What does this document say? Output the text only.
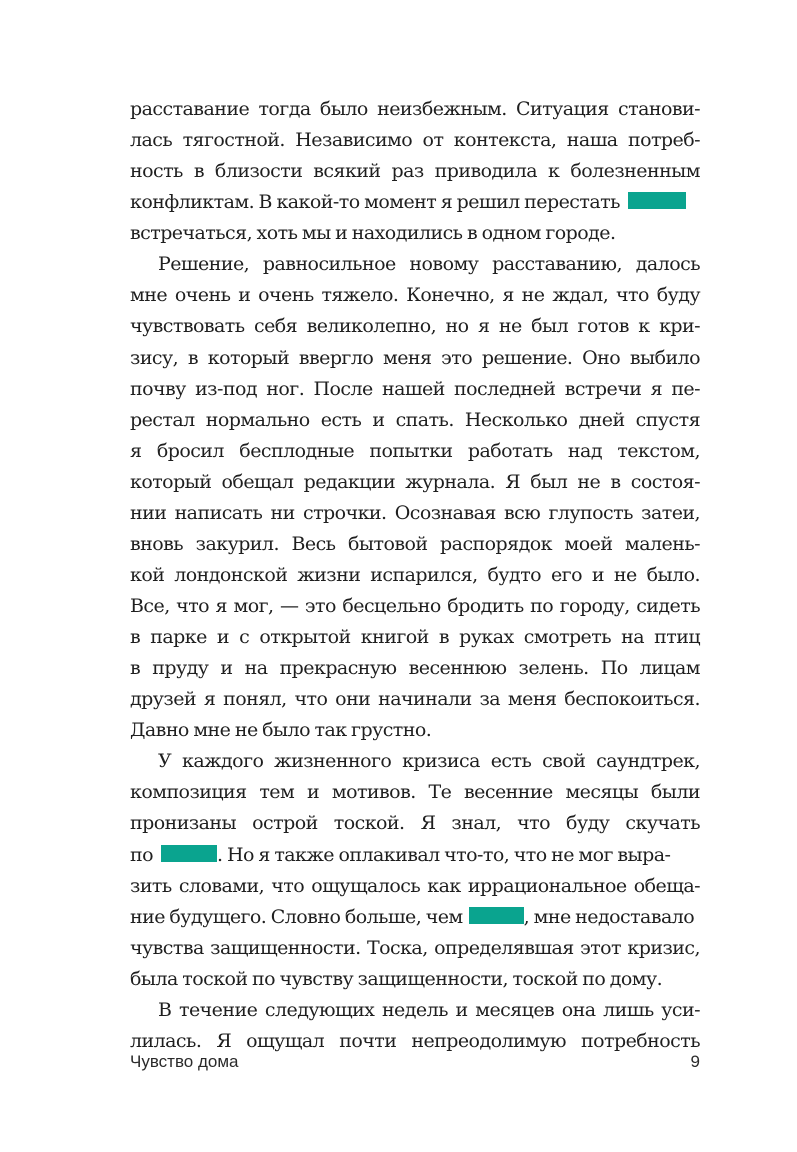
расставание тогда было неизбежным. Ситуация станови-
лась тягостной. Независимо от контекста, наша потреб-
ность в близости всякий раз приводила к болезненным
конфликтам. В какой-то момент я решил перестать
встречаться, хоть мы и находились в одном городе.
Решение, равносильное новому расставанию, далось
мне очень и очень тяжело. Конечно, я не ждал, что буду
чувствовать себя великолепно, но я не был готов к кри-
зису, в который ввергло меня это решение. Оно выбило
почву из-под ног. После нашей последней встречи я пе-
рестал нормально есть и спать. Несколько дней спустя
я бросил бесплодные попытки работать над текстом,
который обещал редакции журнала. Я был не в состоя-
нии написать ни строчки. Осознавая всю глупость затеи,
вновь закурил. Весь бытовой распорядок моей малень-
кой лондонской жизни испарился, будто его и не было.
Все, что я мог, — это бесцельно бродить по городу, сидеть
в парке и с открытой книгой в руках смотреть на птиц
в пруду и на прекрасную весеннюю зелень. По лицам
друзей я понял, что они начинали за меня беспокоиться.
Давно мне не было так грустно.
У каждого жизненного кризиса есть свой саундтрек,
композиция тем и мотивов. Те весенние месяцы были
пронизаны острой тоской. Я знал, что буду скучать
по	. Но я также оплакивал что-то, что не мог выра-
зить словами, что ощущалось как иррациональное обеща-
ние будущего. Словно больше, чем	, мне недоставало
чувства защищенности. Тоска, определявшая этот кризис,
была тоской по чувству защищенности, тоской по дому.
В течение следующих недель и месяцев она лишь уси-
лилась. Я ощущал почти непреодолимую потребность
Чувство дома	9
